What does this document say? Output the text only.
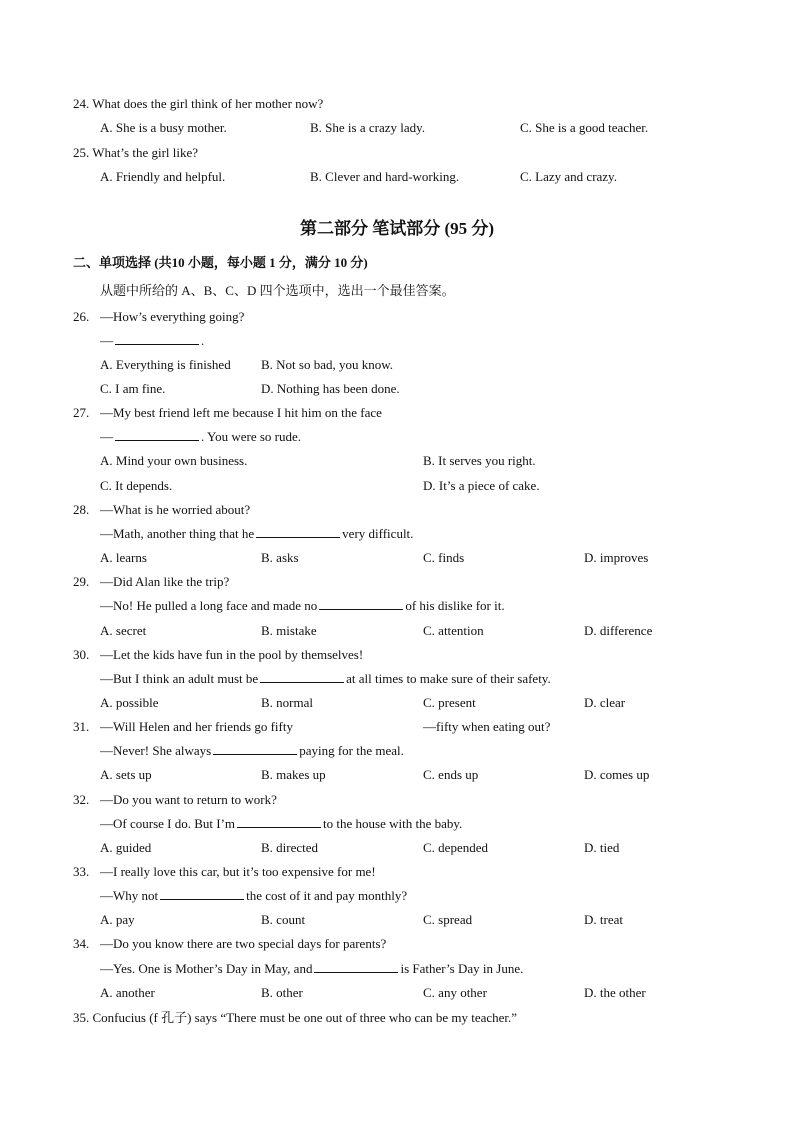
24. What does the girl think of her mother now?
A. She is a busy mother.	B. She is a crazy lady.	C. She is a good teacher.
25. What’s the girl like?
A. Friendly and helpful.	B. Clever and hard-working.	C. Lazy and crazy.
第二部分 笔试部分 (95 分)
二、单项选择 (共10 小题，每小题 1 分，满分 10 分)
从题中所给的 A、B、C、D 四个选项中，选出一个最佳答案。
26. —How’s everything going?
—	.
A. Everything is finished B. Not so bad, you know.
C. I am fine.	D. Nothing has been done.
27. —My best friend left me because I hit him on the face
—	. You were so rude.
A. Mind your own business.	B. It serves you right.
C. It depends.	D. It’s a piece of cake.
28. —What is he worried about?
—Math, another thing that he	very difficult.
A. learns	B. asks	C. finds	D. improves
29. —Did Alan like the trip?
—No! He pulled a long face and made no	of his dislike for it.
A. secret	B. mistake	C. attention	D. difference
30. —Let the kids have fun in the pool by themselves!
—But I think an adult must be	at all times to make sure of their safety.
A. possible	B. normal	C. present	D. clear
31. —Will Helen and her friends go fifty	—fifty when eating out?
—Never! She always	paying for the meal.
A. sets up	B. makes up	C. ends up	D. comes up
32. —Do you want to return to work?
—Of course I do. But I’m	to the house with the baby.
A. guided	B. directed	C. depended	D. tied
33. —I really love this car, but it’s too expensive for me!
—Why not	the cost of it and pay monthly?
A. pay	B. count	C. spread	D. treat
34. —Do you know there are two special days for parents?
—Yes. One is Mother’s Day in May, and	is Father’s Day in June.
A. another	B. other	C. any other	D. the other
35. Confucius (f 孔子) says “There must be one out of three who can be my teacher.”
